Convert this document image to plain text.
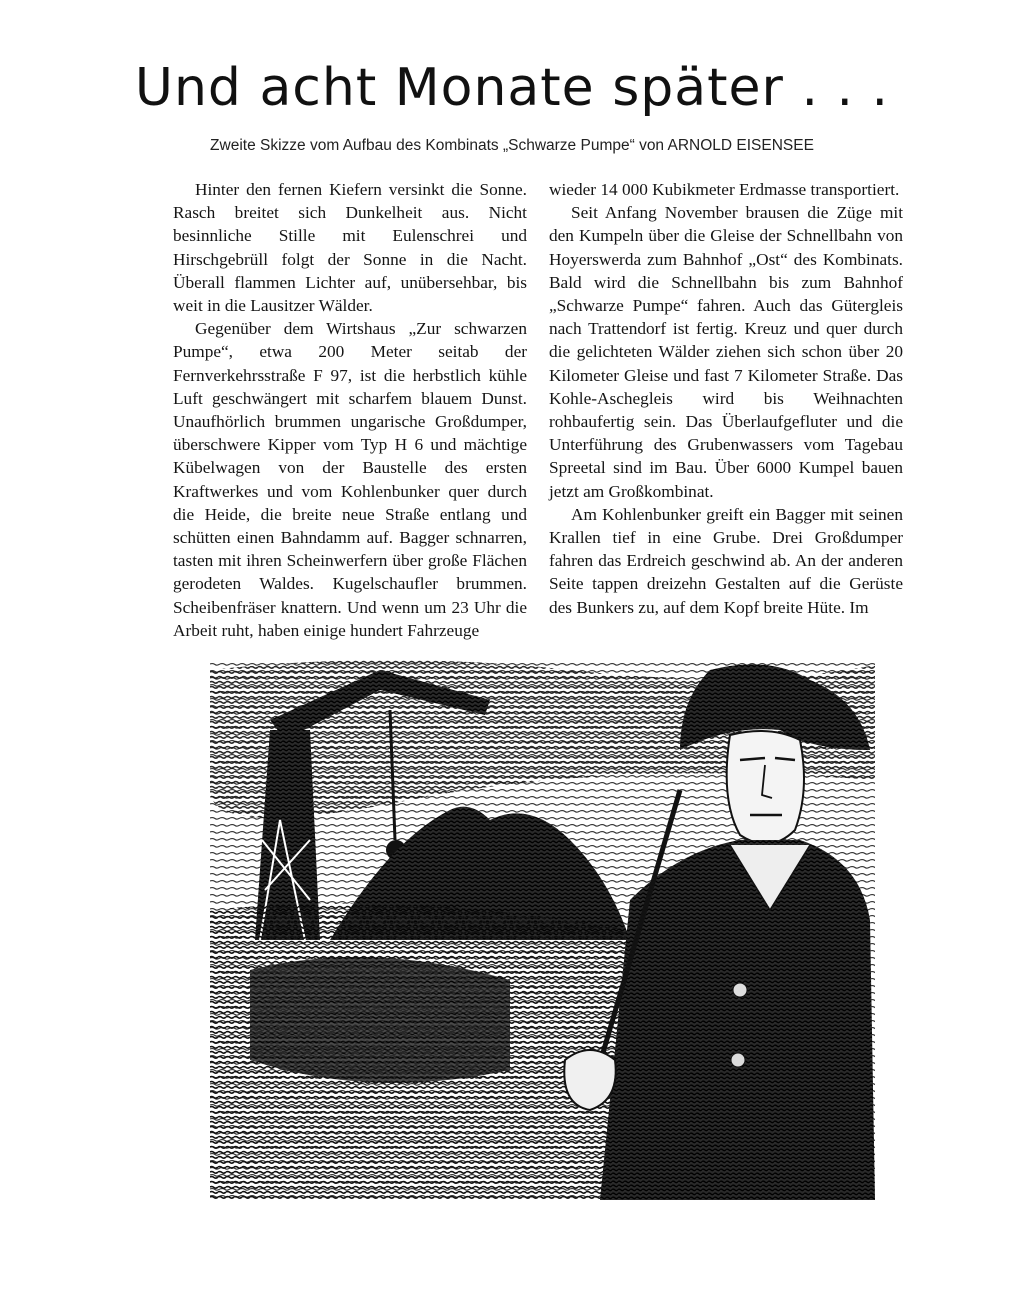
Und acht Monate später . . .
Zweite Skizze vom Aufbau des Kombinats „Schwarze Pumpe“ von ARNOLD EISENSEE

Hinter den fernen Kiefern versinkt die Sonne. Rasch breitet sich Dunkelheit aus. Nicht besinnliche Stille mit Eulenschrei und Hirschgebrüll folgt der Sonne in die Nacht. Überall flammen Lichter auf, unübersehbar, bis weit in die Lausitzer Wälder.

Gegenüber dem Wirtshaus „Zur schwarzen Pumpe“, etwa 200 Meter seitab der Fernverkehrsstraße F 97, ist die herbstlich kühle Luft geschwängert mit scharfem blauem Dunst. Unaufhörlich brummen ungarische Großdumper, überschwere Kipper vom Typ H 6 und mächtige Kübelwagen von der Baustelle des ersten Kraftwerkes und vom Kohlenbunker quer durch die Heide, die breite neue Straße entlang und schütten einen Bahndamm auf. Bagger schnarren, tasten mit ihren Scheinwerfern über große Flächen gerodeten Waldes. Kugelschaufler brummen. Scheibenfräser knattern. Und wenn um 23 Uhr die Arbeit ruht, haben einige hundert Fahrzeuge

wieder 14 000 Kubikmeter Erdmasse transportiert.

Seit Anfang November brausen die Züge mit den Kumpeln über die Gleise der Schnellbahn von Hoyerswerda zum Bahnhof „Ost“ des Kombinats. Bald wird die Schnellbahn bis zum Bahnhof „Schwarze Pumpe“ fahren. Auch das Gütergleis nach Trattendorf ist fertig. Kreuz und quer durch die gelichteten Wälder ziehen sich schon über 20 Kilometer Gleise und fast 7 Kilometer Straße. Das Kohle-Aschegleis wird bis Weihnachten rohbaufertig sein. Das Überlaufgefluter und die Unterführung des Grubenwassers vom Tagebau Spreetal sind im Bau. Über 6000 Kumpel bauen jetzt am Großkombinat.

Am Kohlenbunker greift ein Bagger mit seinen Krallen tief in eine Grube. Drei Großdumper fahren das Erdreich geschwind ab. An der anderen Seite tappen dreizehn Gestalten auf die Gerüste des Bunkers zu, auf dem Kopf breite Hüte. Im
